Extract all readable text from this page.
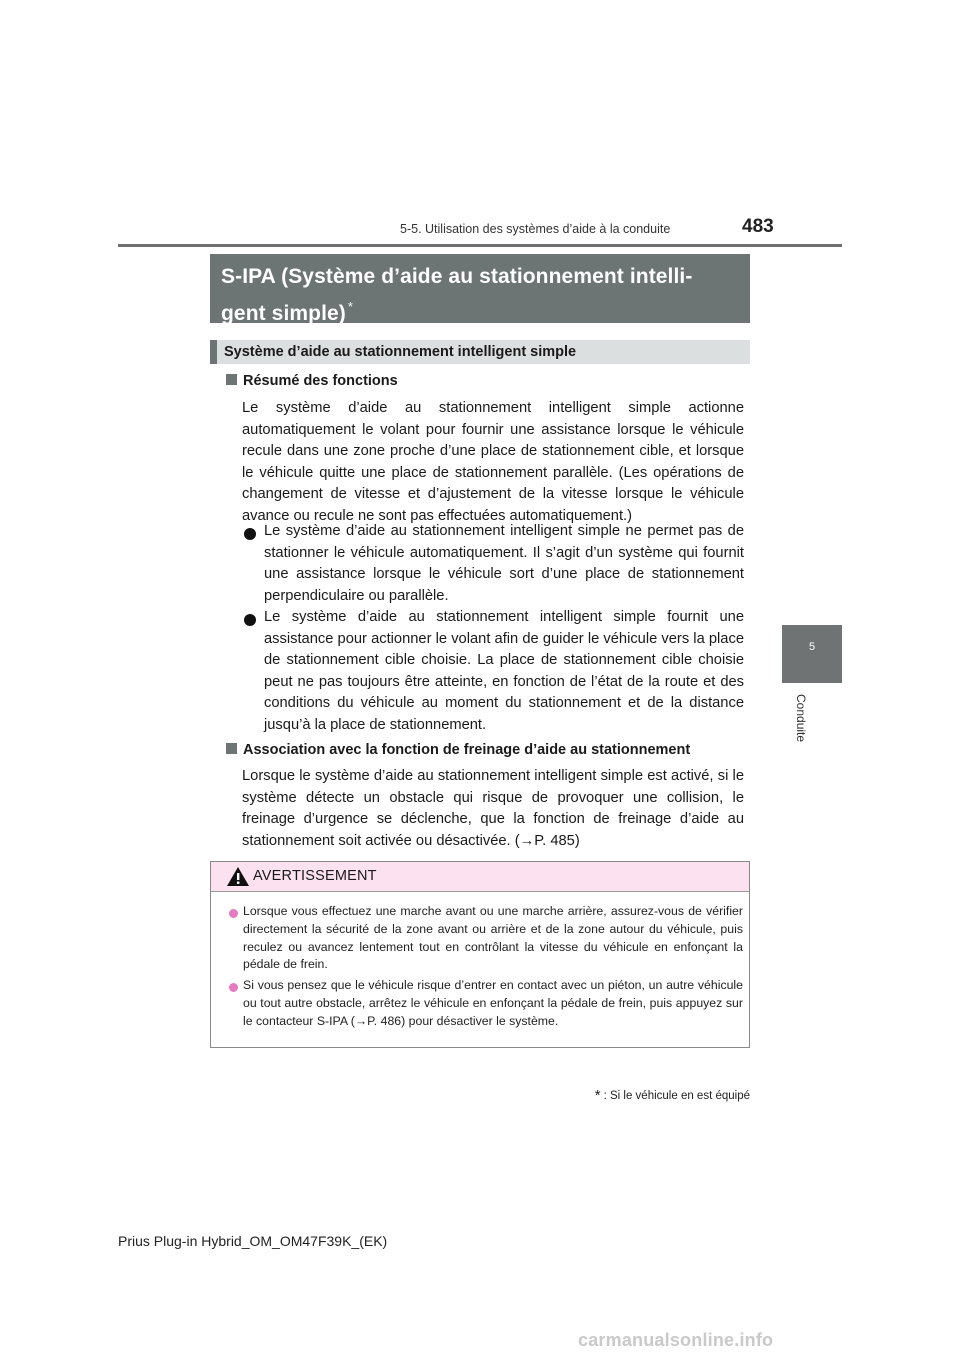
5-5. Utilisation des systèmes d’aide à la conduite	483
5
Conduite
S-IPA (Système d’aide au stationnement intelli-
gent simple) *
Système d’aide au stationnement intelligent simple
Résumé des fonctions
Le système d’aide au stationnement intelligent simple actionne automatiquement le volant pour fournir une assistance lorsque le véhicule recule dans une zone proche d’une place de stationnement cible, et lorsque le véhicule quitte une place de stationnement parallèle. (Les opérations de changement de vitesse et d’ajustement de la vitesse lorsque le véhicule avance ou recule ne sont pas effectuées automatiquement.)
Le système d’aide au stationnement intelligent simple ne permet pas de stationner le véhicule automatiquement. Il s’agit d’un système qui fournit une assistance lorsque le véhicule sort d’une place de stationnement perpendiculaire ou parallèle.
Le système d’aide au stationnement intelligent simple fournit une assistance pour actionner le volant afin de guider le véhicule vers la place de stationnement cible choisie. La place de stationnement cible choisie peut ne pas toujours être atteinte, en fonction de l’état de la route et des conditions du véhicule au moment du stationnement et de la distance jusqu’à la place de stationnement.
Association avec la fonction de freinage d’aide au stationnement
Lorsque le système d’aide au stationnement intelligent simple est activé, si le système détecte un obstacle qui risque de provoquer une collision, le freinage d’urgence se déclenche, que la fonction de freinage d’aide au stationnement soit activée ou désactivée. (→P. 485)
AVERTISSEMENT
Lorsque vous effectuez une marche avant ou une marche arrière, assurez-vous de vérifier directement la sécurité de la zone avant ou arrière et de la zone autour du véhicule, puis reculez ou avancez lentement tout en contrôlant la vitesse du véhicule en enfonçant la pédale de frein.
Si vous pensez que le véhicule risque d’entrer en contact avec un piéton, un autre véhicule ou tout autre obstacle, arrêtez le véhicule en enfonçant la pédale de frein, puis appuyez sur le contacteur S-IPA (→P. 486) pour désactiver le système.
* : Si le véhicule en est équipé
Prius Plug-in Hybrid_OM_OM47F39K_(EK)
carmanualsonline.info
